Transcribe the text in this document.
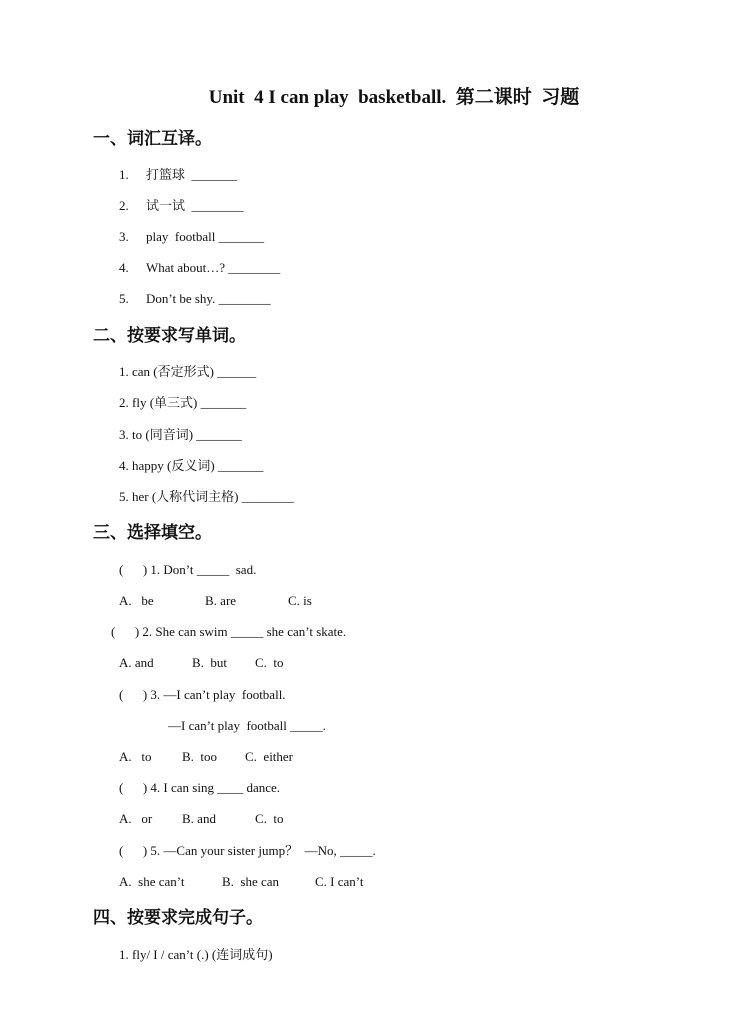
Unit  4 I can play  basketball.  第二课时  习题
一、词汇互译。
1. 打篮球  _______
2. 试一试  ________
3. play  football _______
4. What about…? ________
5. Don’t be shy. ________
二、按要求写单词。
1. can (否定形式) ______
2. fly (单三式) _______
3. to (同音词) _______
4. happy (反义词) _______
5. her (人称代词主格) ________
三、选择填空。
(      ) 1. Don’t _____  sad.
A.   be	B. are	C. is
(      ) 2. She can swim _____ she can’t skate.
A. and	B.  but C.  to
(      ) 3. —I can’t play  football.
—I can’t play  football _____.
A.   to B.  too C.  either
(      ) 4. I can sing ____ dance.
A.   or B. and	C.  to
(      ) 5. —Can your sister jump？  —No, _____.
A.  she can’t	B.  she can	C. I can’t
四、按要求完成句子。
1. fly/ I / can’t (.) (连词成句)
